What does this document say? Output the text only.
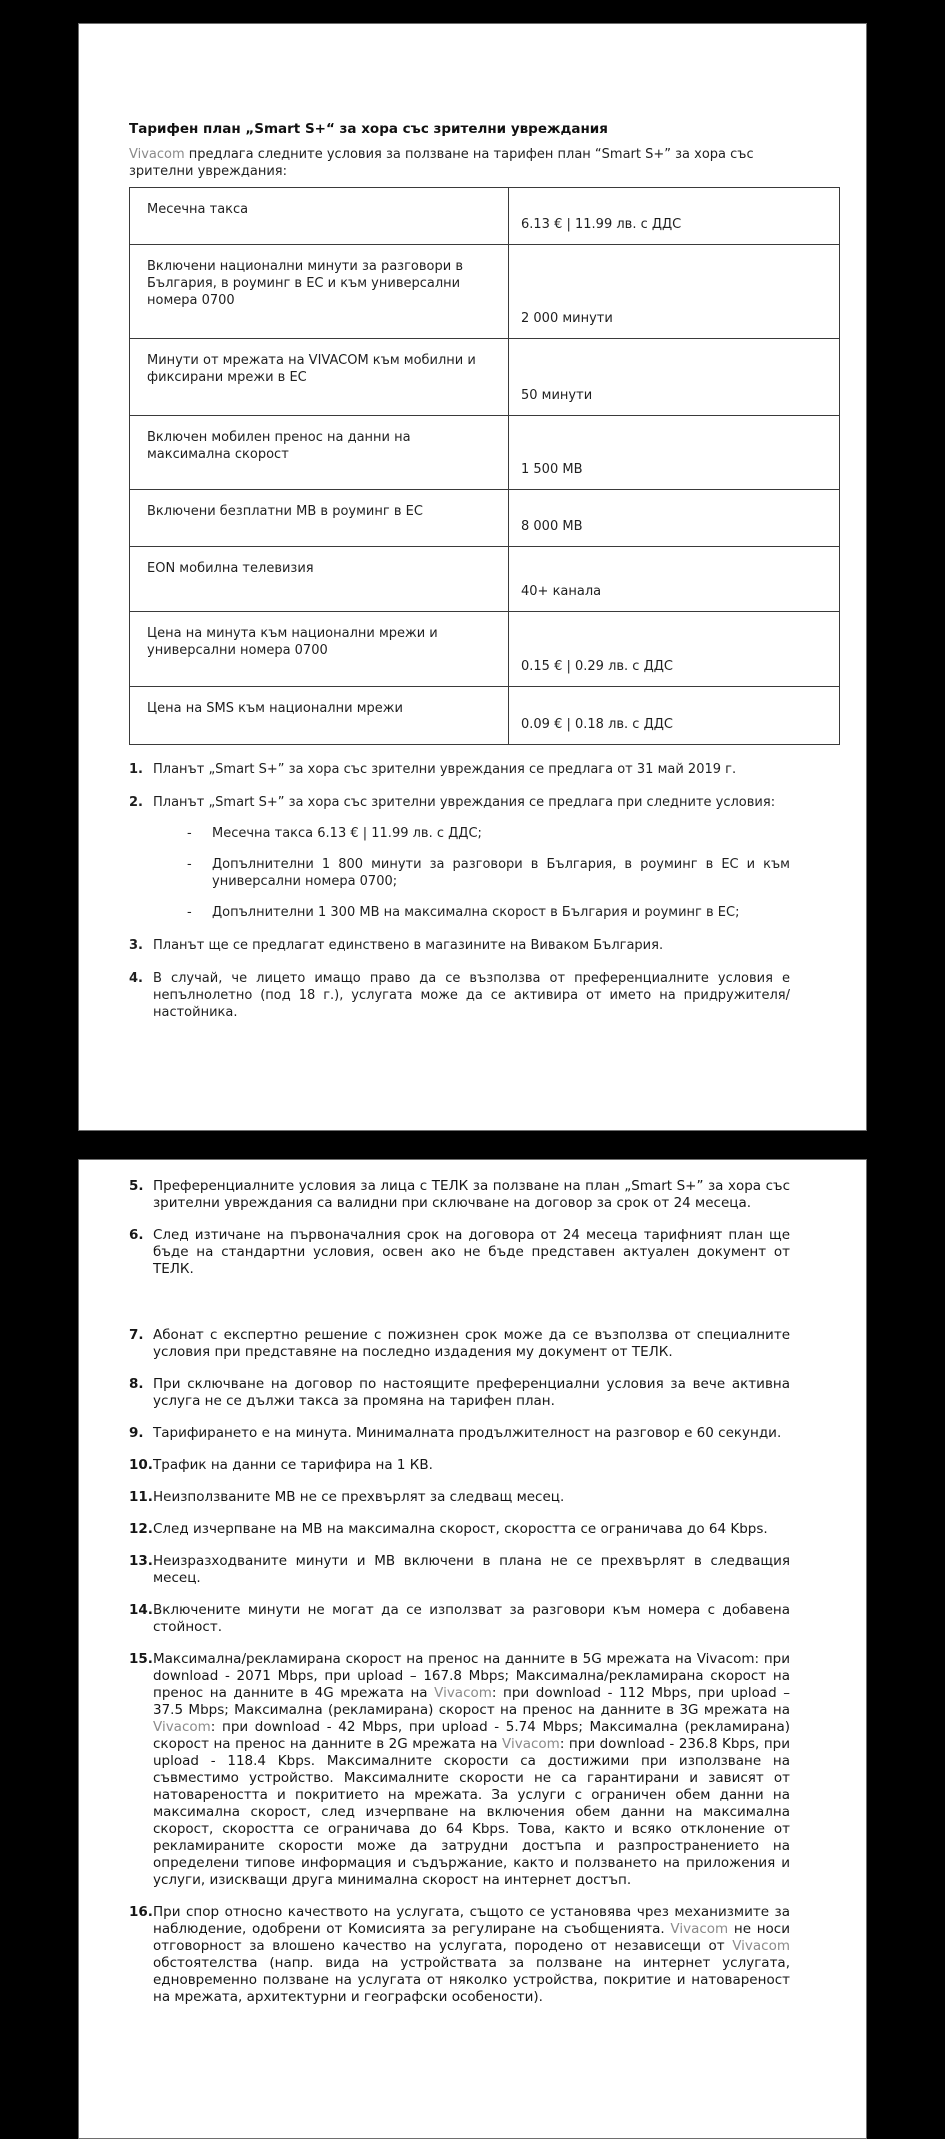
Тарифен план „Smart S+“ за хора със зрителни увреждания

Vivacom предлага следните условия за ползване на тарифен план “Smart S+” за хора със зрителни увреждания:

Месечна такса	6.13 € | 11.99 лв. с ДДС
Включени национални минути за разговори в България, в роуминг в ЕС и към универсални номера 0700	2 000 минути
Минути от мрежата на VIVACOM към мобилни и фиксирани мрежи в ЕС	50 минути
Включен мобилен пренос на данни на максимална скорост	1 500 МВ
Включени безплатни МВ в роуминг в ЕС	8 000 МВ
EON мобилна телевизия	40+ канала
Цена на минута към национални мрежи и универсални номера 0700	0.15 € | 0.29 лв. с ДДС
Цена на SMS към национални мрежи	0.09 € | 0.18 лв. с ДДС
1. Планът „Smart S+” за хора със зрителни увреждания се предлага от 31 май 2019 г.
2. Планът „Smart S+” за хора със зрителни увреждания се предлага при следните условия:
-	Месечна такса 6.13 € | 11.99 лв. с ДДС;
-	Допълнителни 1 800 минути за разговори в България, в роуминг в ЕС и към универсални номера 0700;
-	Допълнителни 1 300 МВ на максимална скорост в България и роуминг в ЕС;
3. Планът ще се предлагат единствено в магазините на Виваком България.
4. В случай, че лицето имащо право да се възползва от преференциалните условия е непълнолетно (под 18 г.), услугата може да се активира от името на придружителя/настойника.
5. Преференциалните условия за лица с ТЕЛК за ползване на план „Smart S+” за хора със зрителни увреждания са валидни при сключване на договор за срок от 24 месеца.
6. След изтичане на първоначалния срок на договора от 24 месеца тарифният план ще бъде на стандартни условия, освен ако не бъде представен актуален документ от ТЕЛК.
7. Абонат с експертно решение с пожизнен срок може да се възползва от специалните условия при представяне на последно издадения му документ от ТЕЛК.
8. При сключване на договор по настоящите преференциални условия за вече активна услуга не се дължи такса за промяна на тарифен план.
9. Тарифирането е на минута. Минималната продължителност на разговор е 60 секунди.
10. Трафик на данни се тарифира на 1 КВ.
11. Неизползваните МВ не се прехвърлят за следващ месец.
12. След изчерпване на МВ на максимална скорост, скоростта се ограничава до 64 Kbps.
13. Неизразходваните минути и МВ включени в плана не се прехвърлят в следващия месец.
14. Включените минути не могат да се използват за разговори към номера с добавена стойност.
15. Максимална/рекламирана скорост на пренос на данните в 5G мрежата на Vivacom: при download - 2071 Mbps, при upload – 167.8 Mbps; Максимална/рекламирана скорост на пренос на данните в 4G мрежата на Vivacom: при download - 112 Mbps, при upload – 37.5 Mbps; Максимална (рекламирана) скорост на пренос на данните в 3G мрежата на Vivacom: при download - 42 Mbps, при upload - 5.74 Mbps; Максимална (рекламирана) скорост на пренос на данните в 2G мрежата на Vivacom: при download - 236.8 Kbps, при upload - 118.4 Kbps. Максималните скорости са достижими при използване на съвместимо устройство. Максималните скорости не са гарантирани и зависят от натовареността и покритието на мрежата. За услуги с ограничен обем данни на максимална скорост, след изчерпване на включения обем данни на максимална скорост, скоростта се ограничава до 64 Kbps. Това, както и всяко отклонение от рекламираните скорости може да затрудни достъпа и разпространението на определени типове информация и съдържание, както и ползването на приложения и услуги, изискващи друга минимална скорост на интернет достъп.
16. При спор относно качеството на услугата, същото се установява чрез механизмите за наблюдение, одобрени от Комисията за регулиране на съобщенията. Vivacom не носи отговорност за влошено качество на услугата, породено от независещи от Vivacom обстоятелства (напр. вида на устройствата за ползване на интернет услугата, едновременно ползване на услугата от няколко устройства, покритие и натовареност на мрежата, архитектурни и географски особености).
